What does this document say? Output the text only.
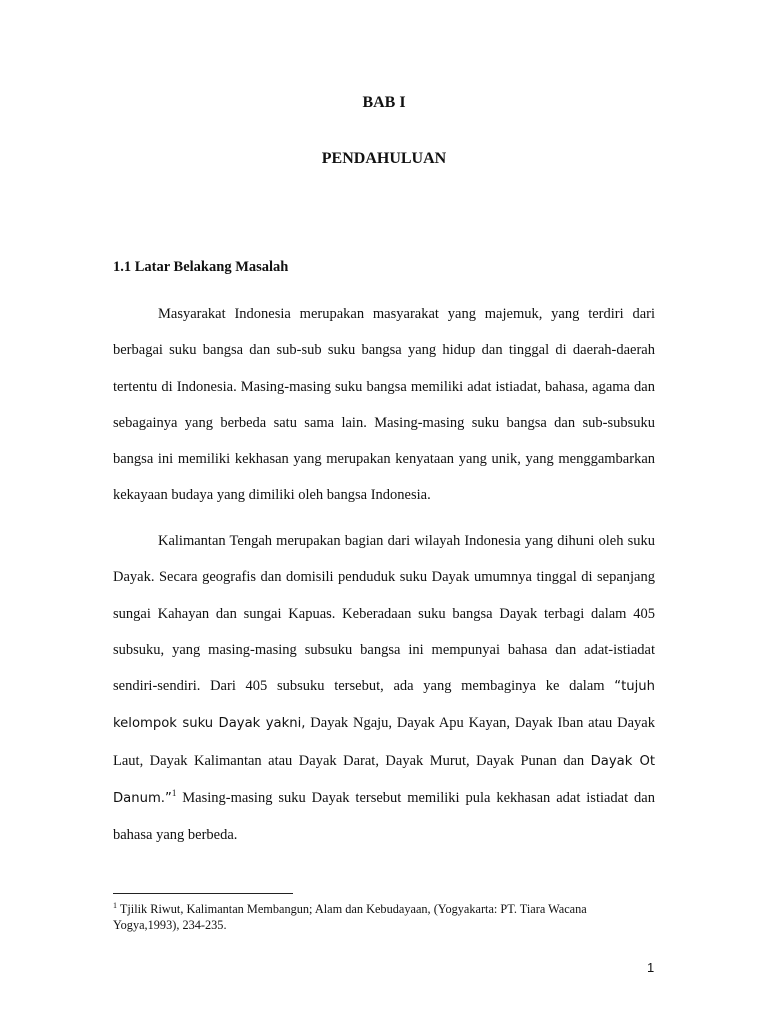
BAB I
PENDAHULUAN
1.1 Latar Belakang Masalah

Masyarakat Indonesia merupakan masyarakat yang majemuk, yang terdiri dari berbagai suku bangsa dan sub-sub suku bangsa yang hidup dan tinggal di daerah-daerah tertentu di Indonesia. Masing-masing suku bangsa memiliki adat istiadat, bahasa, agama dan sebagainya yang berbeda satu sama lain. Masing-masing suku bangsa dan sub-subsuku bangsa ini memiliki kekhasan yang merupakan kenyataan yang unik, yang menggambarkan kekayaan budaya yang dimiliki oleh bangsa Indonesia.

Kalimantan Tengah merupakan bagian dari wilayah Indonesia yang dihuni oleh suku Dayak. Secara geografis dan domisili penduduk suku Dayak umumnya tinggal di sepanjang sungai Kahayan dan sungai Kapuas. Keberadaan suku bangsa Dayak terbagi dalam 405 subsuku, yang masing-masing subsuku bangsa ini mempunyai bahasa dan adat-istiadat sendiri-sendiri. Dari 405 subsuku tersebut, ada yang membaginya ke dalam “tujuh kelompok suku Dayak yakni, Dayak Ngaju, Dayak Apu Kayan, Dayak Iban atau Dayak Laut, Dayak Kalimantan atau Dayak Darat, Dayak Murut, Dayak Punan dan Dayak Ot Danum.”$^1$ Masing-masing suku Dayak tersebut memiliki pula kekhasan adat istiadat dan bahasa yang berbeda.

$^1$ Tjilik Riwut, Kalimantan Membangun; Alam dan Kebudayaan, (Yogyakarta: PT. Tiara Wacana Yogya,1993), 234-235.

1
